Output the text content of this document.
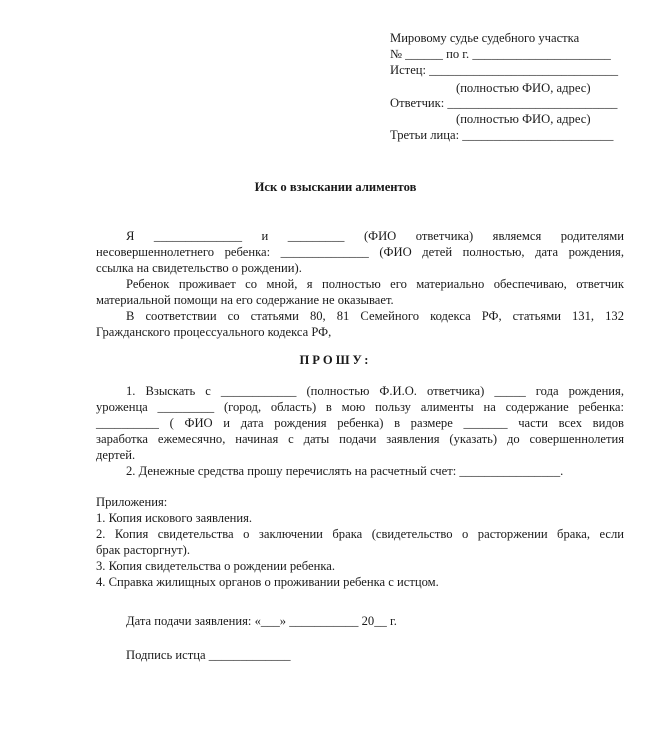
Мировому судье судебного участка
№ ______ по г. ______________________
Истец: ______________________________
(полностью ФИО, адрес)
Ответчик: ___________________________
(полностью ФИО, адрес)
Третьи лица: ________________________
Иск о взыскании алиментов
Я ______________ и _________ (ФИО ответчика) являемся родителями
несовершеннолетнего ребенка: ______________ (ФИО детей полностью, дата рождения,
ссылка на свидетельство о рождении).
Ребенок проживает со мной, я полностью его материально обеспечиваю, ответчик
материальной помощи на его содержание не оказывает.
В соответствии со статьями 80, 81 Семейного кодекса РФ, статьями 131, 132
Гражданского процессуального кодекса РФ,
ПРОШУ:
1. Взыскать с ____________ (полностью Ф.И.О. ответчика) _____ года рождения,
уроженца _________ (город, область) в мою пользу алименты на содержание ребенка:
__________ ( ФИО и дата рождения ребенка) в размере _______ части всех видов
заработка ежемесячно, начиная с даты подачи заявления (указать) до совершеннолетия
дертей.
2. Денежные средства прошу перечислять на расчетный счет: ________________.
Приложения:
1. Копия искового заявления.
2. Копия свидетельства о заключении брака (свидетельство о расторжении брака, если
брак расторгнут).
3. Копия свидетельства о рождении ребенка.
4. Справка жилищных органов о проживании ребенка с истцом.
Дата подачи заявления: «___» ___________ 20__ г.
Подпись истца _____________
